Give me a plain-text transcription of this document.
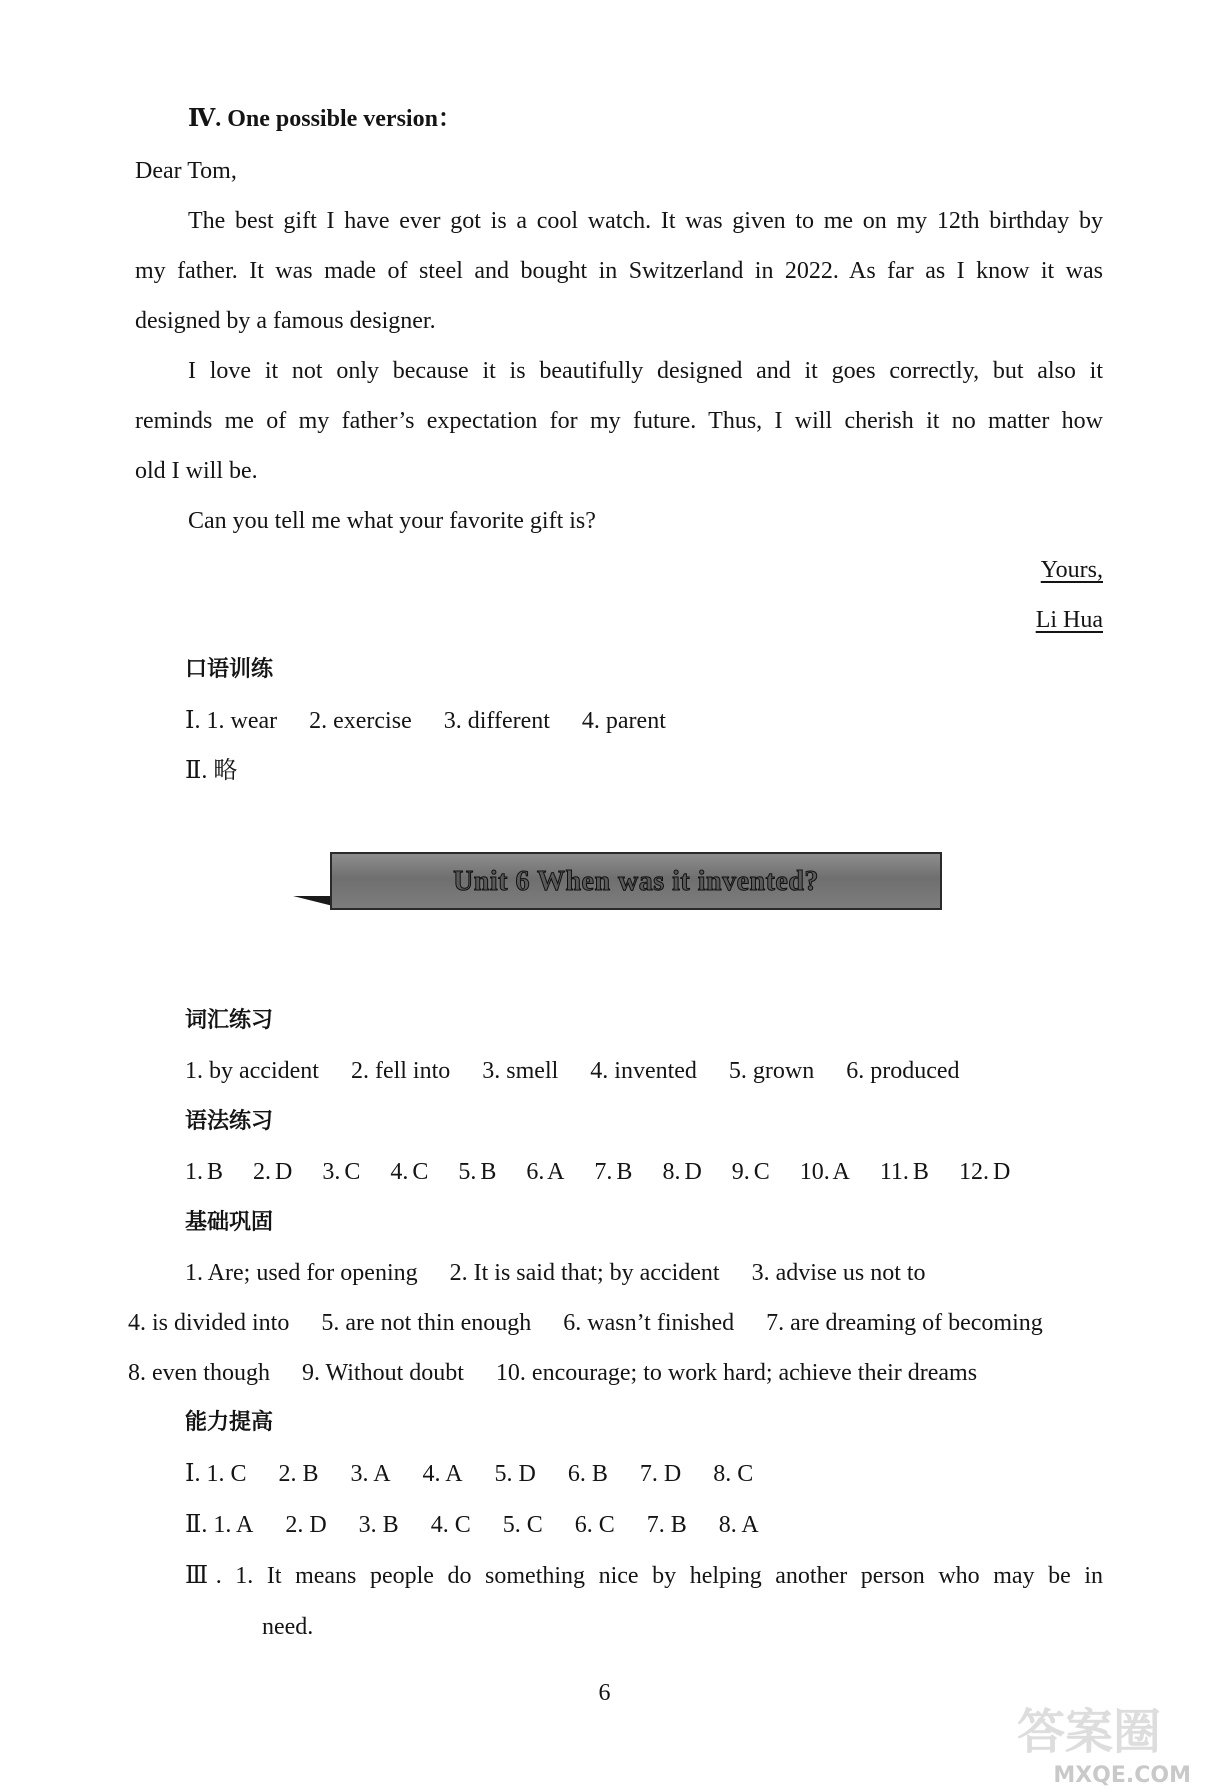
Ⅳ. One possible version：
Dear Tom,
The best gift I have ever got is a cool watch. It was given to me on my 12th birthday by
my father. It was made of steel and bought in Switzerland in 2022. As far as I know it was
designed by a famous designer.
I love it not only because it is beautifully designed and it goes correctly, but also it
reminds me of my father’s expectation for my future. Thus, I will cherish it no matter how
old I will be.
Can you tell me what your favorite gift is?
Yours,
Li Hua
口语训练
Ⅰ. 1. wear 2. exercise 3. different 4. parent
Ⅱ. 略
Unit 6 When was it invented?
词汇练习
1. by accident 2. fell into 3. smell 4. invented 5. grown 6. produced
语法练习
1. B 2. D 3. C 4. C 5. B 6. A 7. B 8. D 9. C 10. A 11. B 12. D
基础巩固
1. Are; used for opening 2. It is said that; by accident 3. advise us not to
4. is divided into 5. are not thin enough 6. wasn’t finished 7. are dreaming of becoming
8. even though 9. Without doubt 10. encourage; to work hard; achieve their dreams
能力提高
Ⅰ. 1. C 2. B 3. A 4. A 5. D 6. B 7. D 8. C
Ⅱ. 1. A 2. D 3. B 4. C 5. C 6. C 7. B 8. A
Ⅲ. 1. It means people do something nice by helping another person who may be in
need.
6
答案圈
MXQE.COM
